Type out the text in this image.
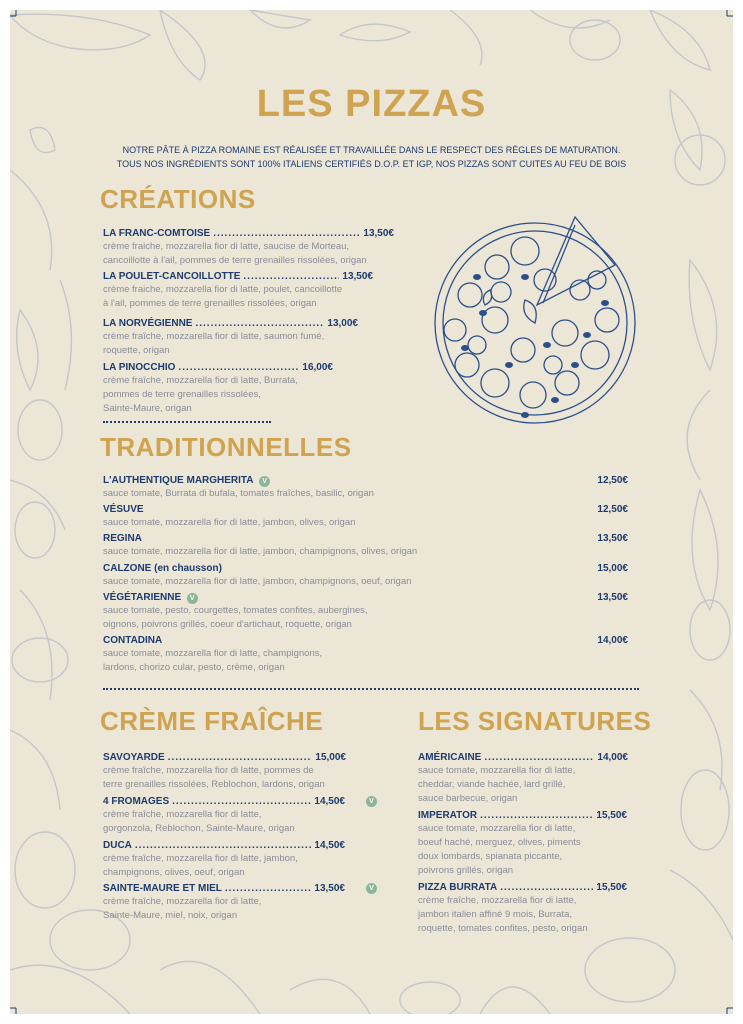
LES PIZZAS
NOTRE PÂTE À PIZZA ROMAINE EST RÉALISÉE ET TRAVAILLÉE DANS LE RESPECT DES RÈGLES DE MATURATION.
TOUS NOS INGRÉDIENTS SONT 100% ITALIENS CERTIFIÉS D.O.P. ET IGP, NOS PIZZAS SONT CUITES AU FEU DE BOIS
CRÉATIONS
LA FRANC-COMTOISE .....	13,50€
crème fraiche, mozzarella fior di latte, saucise de Morteau,
cancoillotte à l'ail, pommes de terre grenailles rissolées, origan
LA POULET-CANCOILLOTTE .....	13,50€
crème fraiche, mozzarella fior di latte, poulet, cancoillotte
à l'ail, pommes de terre grenailles rissolées, origan
LA NORVÉGIENNE .....	13,00€
crème fraîche, mozzarella fior di latte, saumon fumé,
roquette, origan
LA PINOCCHIO .....	16,00€
crème fraîche, mozzarella fior di latte, Burrata,
pommes de terre grenailles rissolées,
Sainte-Maure, origan
TRADITIONNELLES
L'AUTHENTIQUE MARGHERITA
	V	12,50€
sauce tomate, Burrata di bufala, tomates fraîches, basilic, origan
VÉSUVE	12,50€
sauce tomate, mozzarella fior di latte, jambon, olives, origan
REGINA	13,50€
sauce tomate, mozzarella fior di latte, jambon, champignons, olives, origan
CALZONE (en chausson)	15,00€
sauce tomate, mozzarella fior di latte, jambon, champignons, oeuf, origan
VÉGÉTARIENNE
	V	13,50€
sauce tomate, pesto, courgettes, tomates confites, aubergines,
oignons, poivrons grillés, coeur d'artichaut, roquette, origan
CONTADINA	14,00€
sauce tomate, mozzarella fior di latte, champignons,
lardons, chorizo cular, pesto, crème, origan
CRÈME FRAÎCHE
SAVOYARDE .....	15,00€
crème fraîche, mozzarella fior di latte, pommes de
terre grenailles rissolées, Reblochon, lardons, origan
4 FROMAGES .....	14,50€
crème fraîche, mozzarella fior di latte,
gorgonzola, Reblochon, Sainte-Maure, origan
V
DUCA .....	14,50€
crème fraîche, mozzarella fior di latte, jambon,
champignons, olives, oeuf, origan
SAINTE-MAURE ET MIEL .....	13,50€
crème fraîche, mozzarella fior di latte,
Sainte-Maure, miel, noix, origan
V
LES SIGNATURES
AMÉRICAINE .....	14,00€
sauce tomate, mozzarella fior di latte,
cheddar, viande hachée, lard grillé,
sauce barbecue, origan
IMPERATOR .....	15,50€
sauce tomate, mozzarella fior di latte,
boeuf haché, merguez, olives, piments
doux lombards, spianata piccante,
poivrons grillés, origan
PIZZA BURRATA .....	15,50€
crème fraîche, mozzarella fior di latte,
jambon italien affiné 9 mois, Burrata,
roquette, tomates confites, pesto, origan
